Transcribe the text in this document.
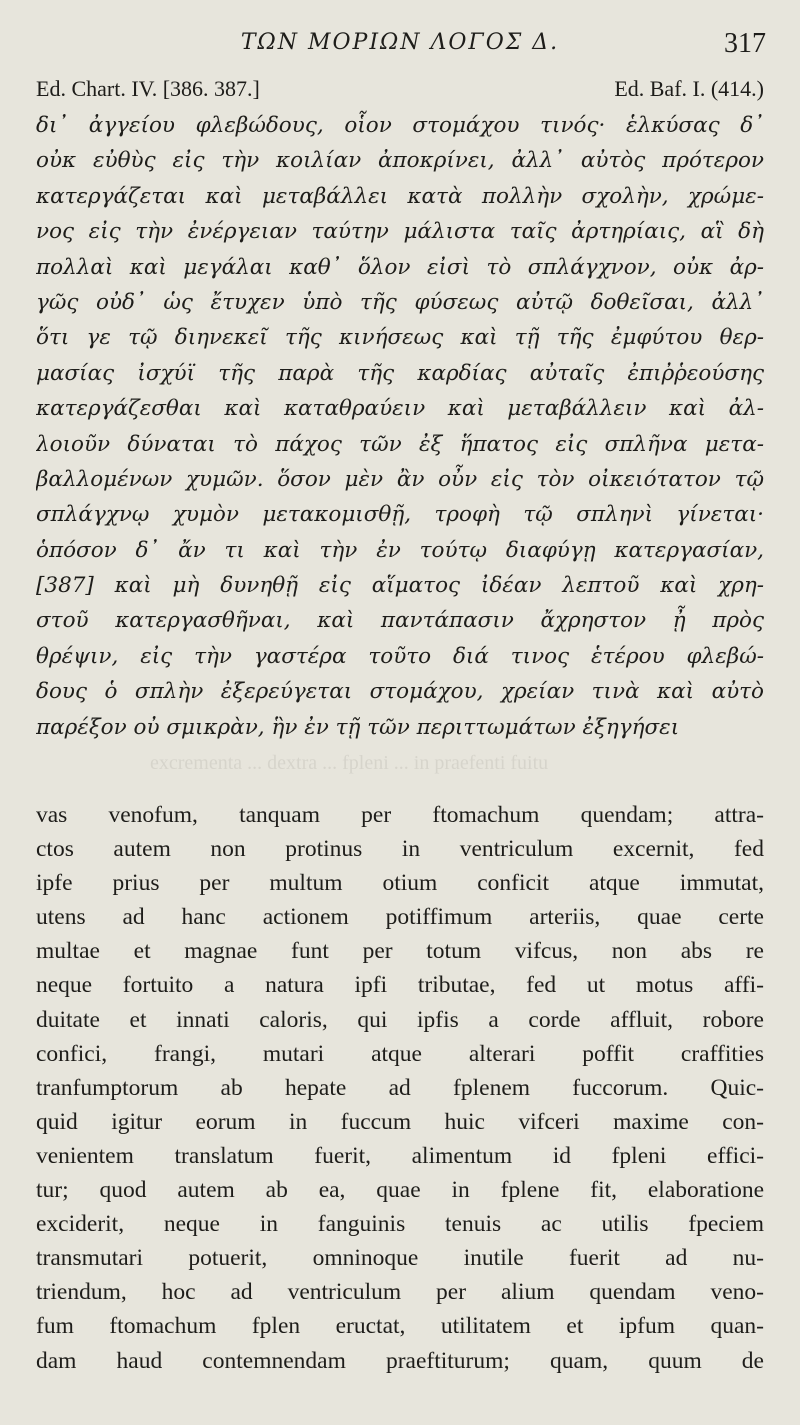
ΤΩΝ ΜΟΡΙΩΝ ΛΟΓΟΣ Δ.	317
Ed. Chart. IV. [386. 387.]	Ed. Baf. I. (414.)
δι᾽ ἀγγείου φλεβώδους, οἷον στομάχου τινός· ἑλκύσας δ᾽
οὐκ εὐθὺς εἰς τὴν κοιλίαν ἀποκρίνει, ἀλλ᾽ αὐτὸς πρότερον
κατεργάζεται καὶ μεταβάλλει κατὰ πολλὴν σχολὴν, χρώμε-
νος εἰς τὴν ἐνέργειαν ταύτην μάλιστα ταῖς ἀρτηρίαις, αἳ δὴ
πολλαὶ καὶ μεγάλαι καθ᾽ ὅλον εἰσὶ τὸ σπλάγχνον, οὐκ ἀρ-
γῶς οὐδ᾽ ὡς ἔτυχεν ὑπὸ τῆς φύσεως αὐτῷ δοθεῖσαι, ἀλλ᾽
ὅτι γε τῷ διηνεκεῖ τῆς κινήσεως καὶ τῇ τῆς ἐμφύτου θερ-
μασίας ἰσχύϊ τῆς παρὰ τῆς καρδίας αὐταῖς ἐπιῤῥεούσης
κατεργάζεσθαι καὶ καταθραύειν καὶ μεταβάλλειν καὶ ἀλ-
λοιοῦν δύναται τὸ πάχος τῶν ἐξ ἥπατος εἰς σπλῆνα μετα-
βαλλομένων χυμῶν. ὅσον μὲν ἂν οὖν εἰς τὸν οἰκειότατον τῷ
σπλάγχνῳ χυμὸν μετακομισθῇ, τροφὴ τῷ σπληνὶ γίνεται·
ὁπόσον δ᾽ ἄν τι καὶ τὴν ἐν τούτῳ διαφύγῃ κατεργασίαν,
[387] καὶ μὴ δυνηθῇ εἰς αἵματος ἰδέαν λεπτοῦ καὶ χρη-
στοῦ κατεργασθῆναι, καὶ παντάπασιν ἄχρηστον ᾖ πρὸς
θρέψιν, εἰς τὴν γαστέρα τοῦτο διά τινος ἑτέρου φλεβώ-
δους ὁ σπλὴν ἐξερεύγεται στομάχου, χρείαν τινὰ καὶ αὐτὸ
παρέξον οὐ σμικρὰν, ἣν ἐν τῇ τῶν περιττωμάτων ἐξηγήσει
excrementa ... dextra ... fpleni ... in praefenti fuitu
vas venofum, tanquam per ftomachum quendam; attra-
ctos autem non protinus in ventriculum excernit, fed
ipfe prius per multum otium conficit atque immutat,
utens ad hanc actionem potiffimum arteriis, quae certe
multae et magnae funt per totum vifcus, non abs re
neque fortuito a natura ipfi tributae, fed ut motus affi-
duitate et innati caloris, qui ipfis a corde affluit, robore
confici, frangi, mutari atque alterari poffit craffities
tranfumptorum ab hepate ad fplenem fuccorum. Quic-
quid igitur eorum in fuccum huic vifceri maxime con-
venientem translatum fuerit, alimentum id fpleni effici-
tur; quod autem ab ea, quae in fplene fit, elaboratione
exciderit, neque in fanguinis tenuis ac utilis fpeciem
transmutari potuerit, omninoque inutile fuerit ad nu-
triendum, hoc ad ventriculum per alium quendam veno-
fum ftomachum fplen eructat, utilitatem et ipfum quan-
dam haud contemnendam praeftiturum; quam, quum de
